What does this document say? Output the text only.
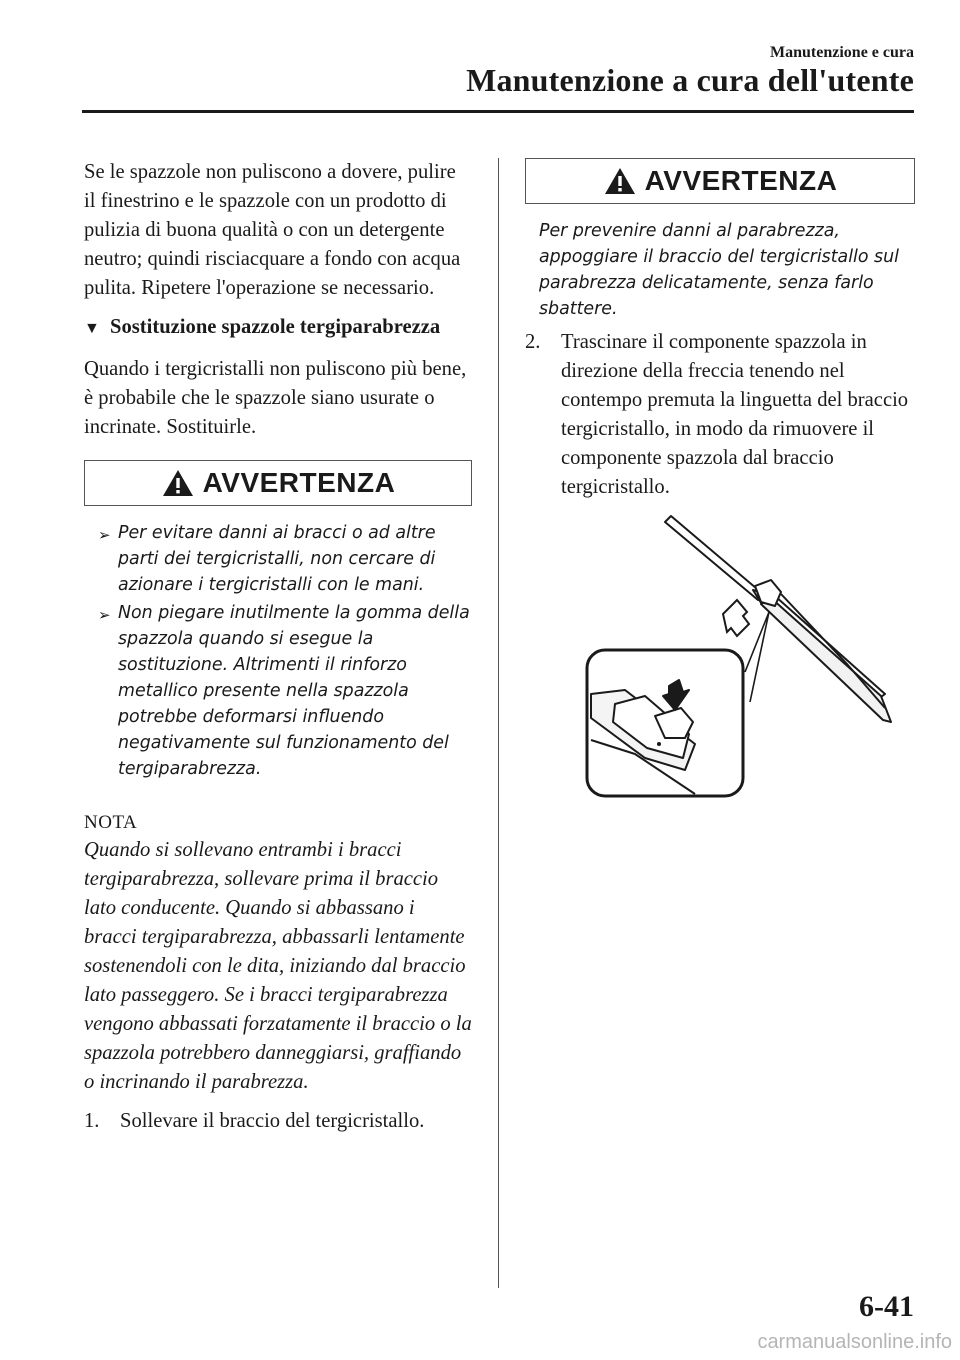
Manutenzione e cura
Manutenzione a cura dell'utente

Se le spazzole non puliscono a dovere, pulire il finestrino e le spazzole con un prodotto di pulizia di buona qualità o con un detergente neutro; quindi risciacquare a fondo con acqua pulita. Ripetere l'operazione se necessario.

▼ Sostituzione spazzole tergiparabrezza

Quando i tergicristalli non puliscono più bene, è probabile che le spazzole siano usurate o incrinate. Sostituirle.

AVVERTENZA
➢ Per evitare danni ai bracci o ad altre parti dei tergicristalli, non cercare di azionare i tergicristalli con le mani.
➢ Non piegare inutilmente la gomma della spazzola quando si esegue la sostituzione. Altrimenti il rinforzo metallico presente nella spazzola potrebbe deformarsi influendo negativamente sul funzionamento del tergiparabrezza.
NOTA

Quando si sollevano entrambi i bracci tergiparabrezza, sollevare prima il braccio lato conducente. Quando si abbassano i bracci tergiparabrezza, abbassarli lentamente sostenendoli con le dita, iniziando dal braccio lato passeggero. Se i bracci tergiparabrezza vengono abbassati forzatamente il braccio o la spazzola potrebbero danneggiarsi, graffiando o incrinando il parabrezza.

1. Sollevare il braccio del tergicristallo.
AVVERTENZA

Per prevenire danni al parabrezza, appoggiare il braccio del tergicristallo sul parabrezza delicatamente, senza farlo sbattere.

2. Trascinare il componente spazzola in direzione della freccia tenendo nel contempo premuta la linguetta del braccio tergicristallo, in modo da rimuovere il componente spazzola dal braccio tergicristallo.
6-41
carmanualsonline.info
